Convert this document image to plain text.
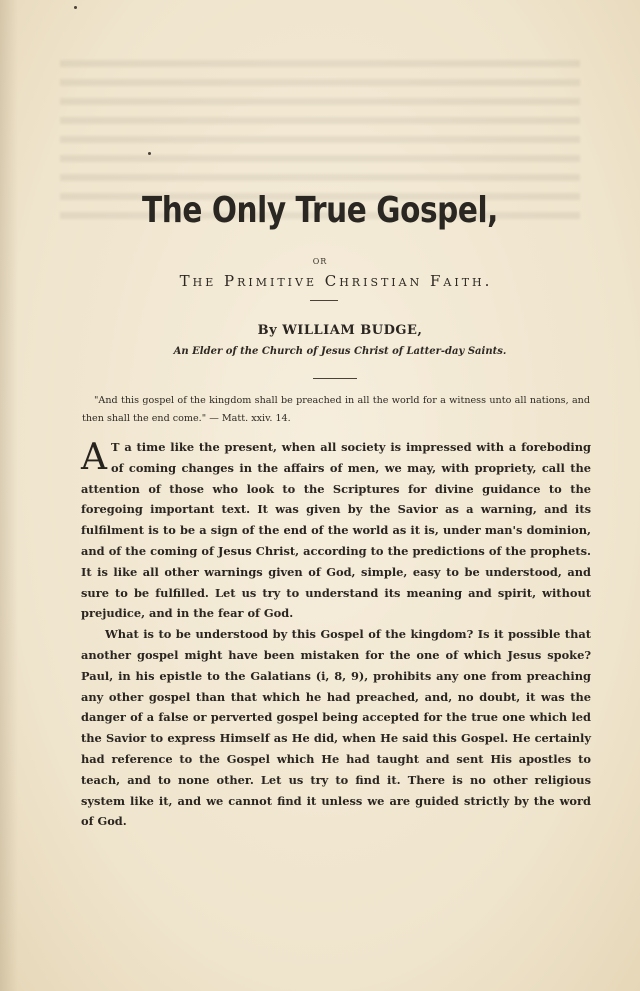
The Only True Gospel,
OR
The Primitive Christian Faith.
By WILLIAM BUDGE,
An Elder of the Church of Jesus Christ of Latter-day Saints.
"And this gospel of the kingdom shall be preached in all the world for a witness unto all nations, and then shall the end come." — Matt. xxiv. 14.

A T a time like the present, when all society is impressed with a foreboding of coming changes in the affairs of men, we may, with propriety, call the attention of those who look to the Scriptures for divine guidance to the foregoing important text. It was given by the Savior as a warning, and its fulfilment is to be a sign of the end of the world as it is, under man's dominion, and of the coming of Jesus Christ, according to the predictions of the prophets. It is like all other warnings given of God, simple, easy to be understood, and sure to be fulfilled. Let us try to understand its meaning and spirit, without prejudice, and in the fear of God.

What is to be understood by this Gospel of the kingdom? Is it possible that another gospel might have been mistaken for the one of which Jesus spoke? Paul, in his epistle to the Galatians (i, 8, 9), prohibits any one from preaching any other gospel than that which he had preached, and, no doubt, it was the danger of a false or perverted gospel being accepted for the true one which led the Savior to express Himself as He did, when He said this Gospel. He certainly had reference to the Gospel which He had taught and sent His apostles to teach, and to none other. Let us try to find it. There is no other religious system like it, and we cannot find it unless we are guided strictly by the word of God.
